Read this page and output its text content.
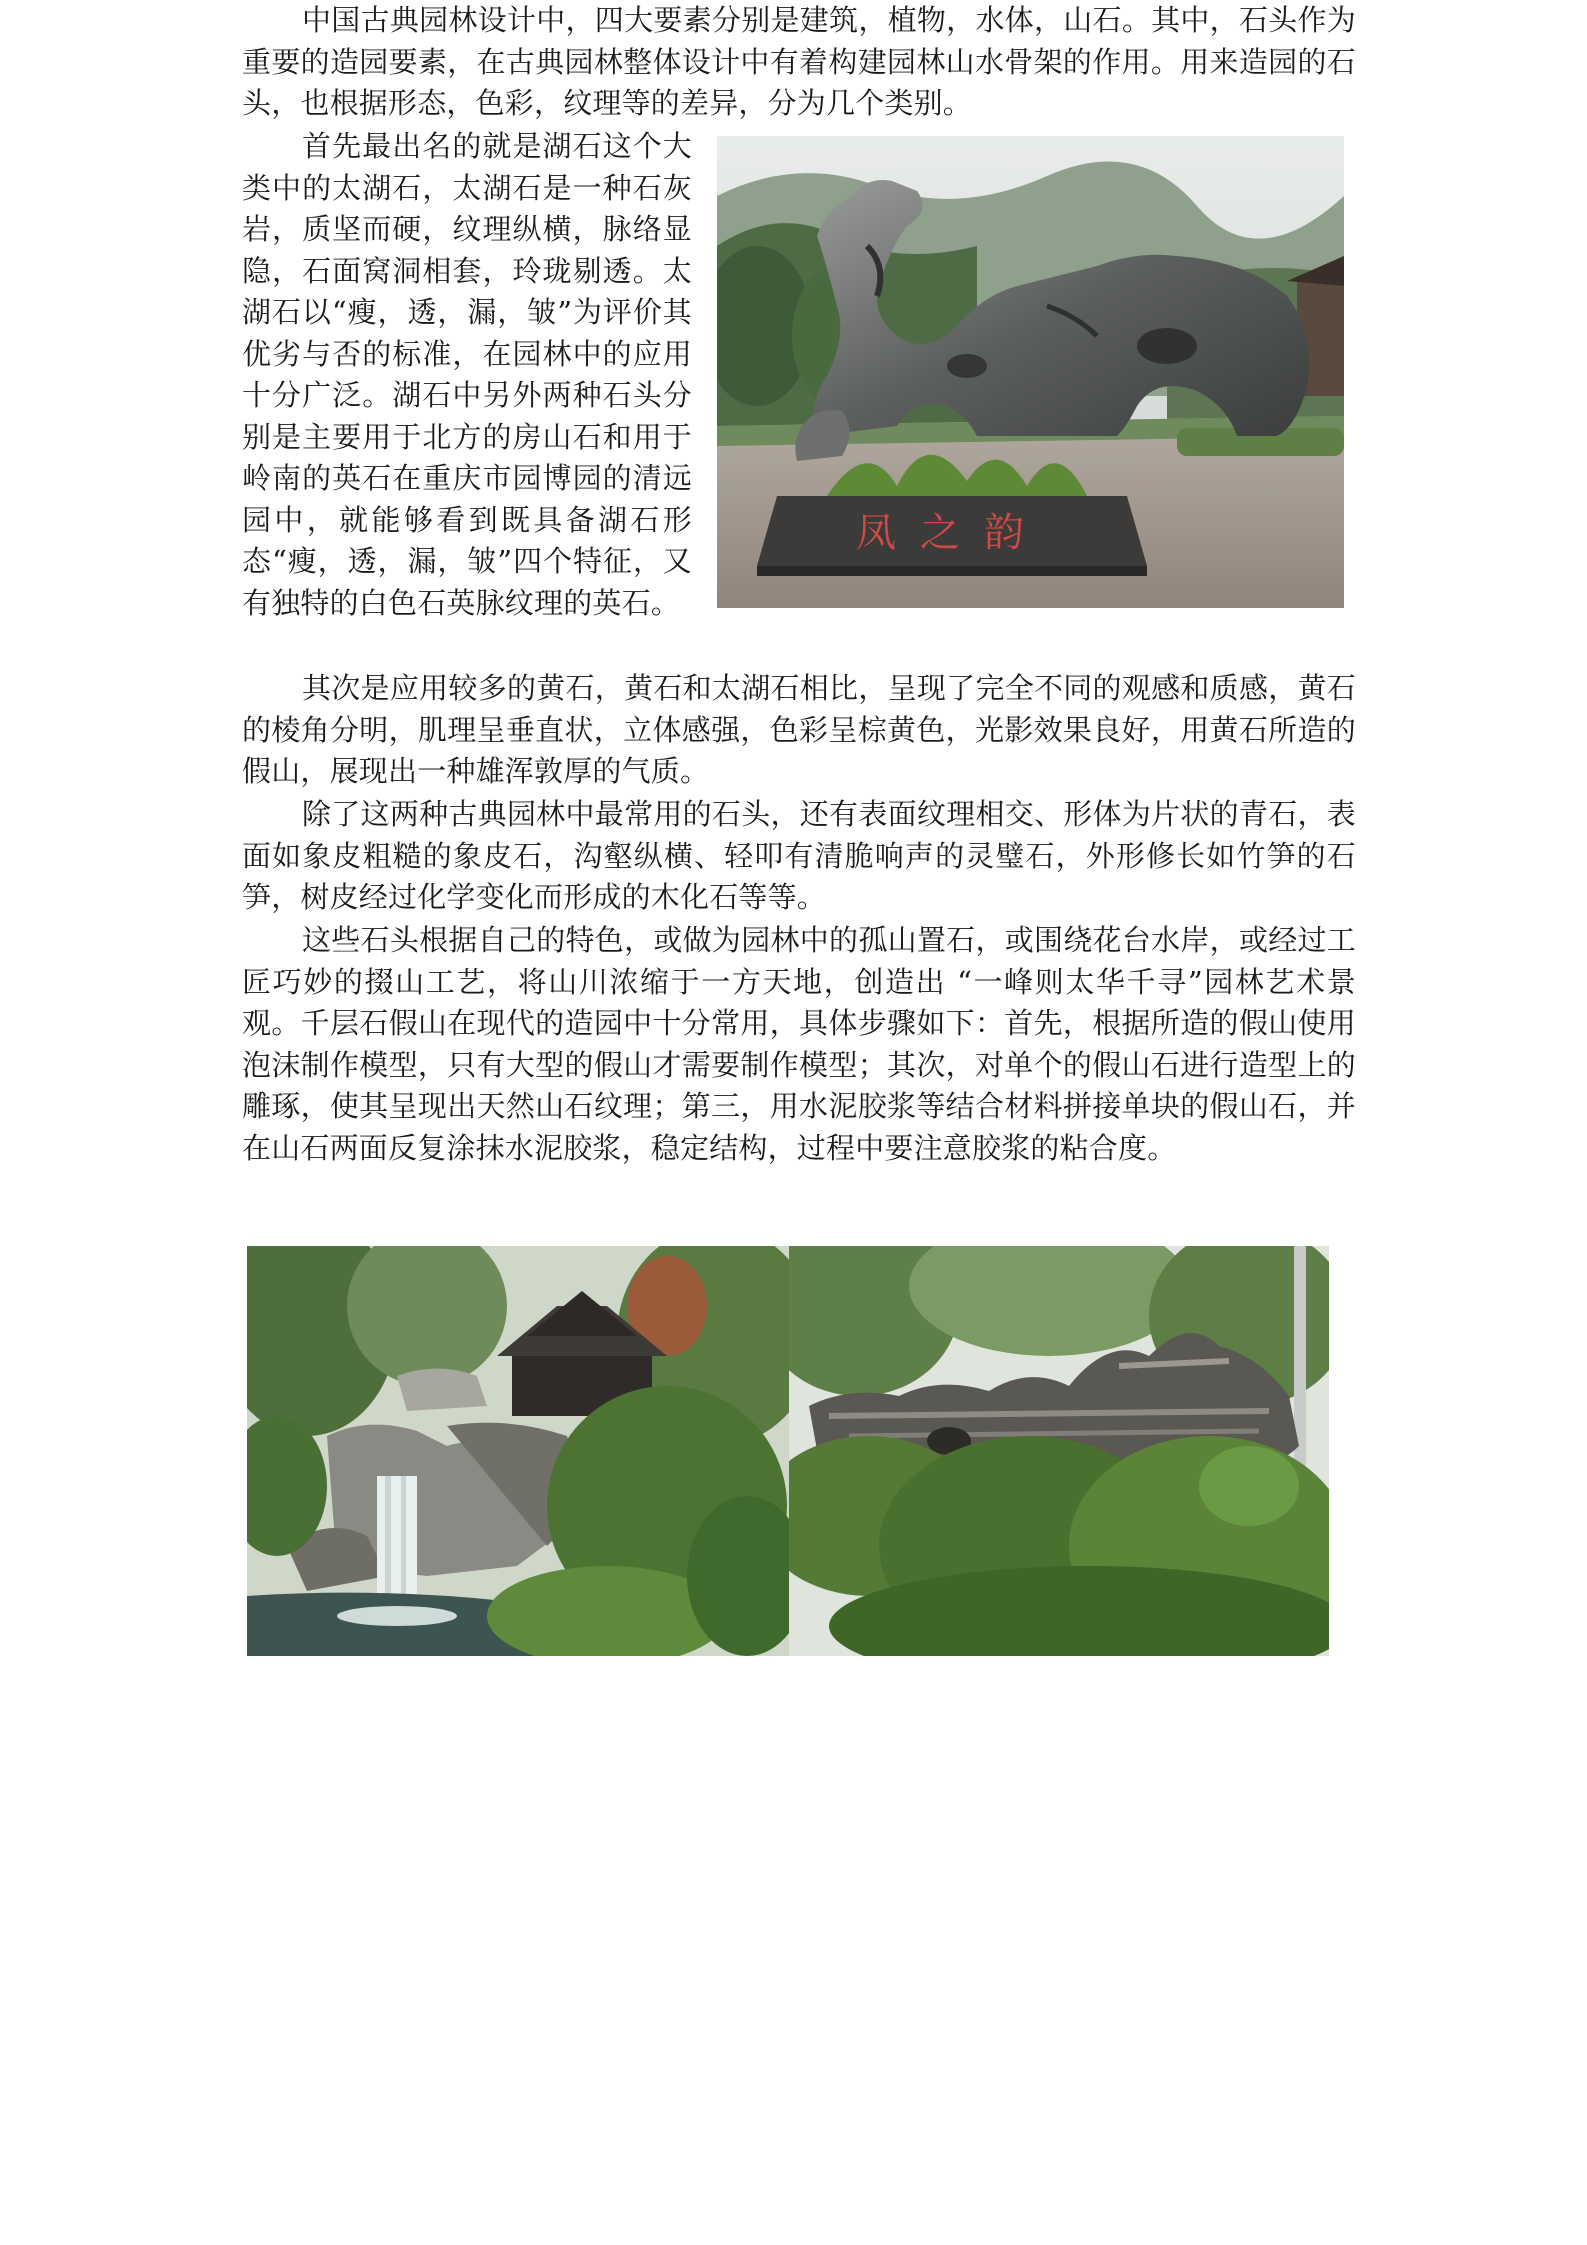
中国古典园林设计中，四大要素分别是建筑，植物，水体，山石。其中，石头作为重要的造园要素，在古典园林整体设计中有着构建园林山水骨架的作用。用来造园的石头，也根据形态，色彩，纹理等的差异，分为几个类别。

首先最出名的就是湖石这个大类中的太湖石，太湖石是一种石灰岩，质坚而硬，纹理纵横，脉络显隐，石面窝洞相套，玲珑剔透。太湖石以“瘦，透，漏，皱”为评价其优劣与否的标准，在园林中的应用十分广泛。湖石中另外两种石头分别是主要用于北方的房山石和用于岭南的英石在重庆市园博园的清远园中，就能够看到既具备湖石形态“瘦，透，漏，皱”四个特征，又有独特的白色石英脉纹理的英石。

凤之韵

其次是应用较多的黄石，黄石和太湖石相比，呈现了完全不同的观感和质感，黄石的棱角分明，肌理呈垂直状，立体感强，色彩呈棕黄色，光影效果良好，用黄石所造的假山，展现出一种雄浑敦厚的气质。

除了这两种古典园林中最常用的石头，还有表面纹理相交、形体为片状的青石，表面如象皮粗糙的象皮石，沟壑纵横、轻叩有清脆响声的灵璧石，外形修长如竹笋的石笋，树皮经过化学变化而形成的木化石等等。

这些石头根据自己的特色，或做为园林中的孤山置石，或围绕花台水岸，或经过工匠巧妙的掇山工艺，将山川浓缩于一方天地，创造出 “一峰则太华千寻”园林艺术景观。千层石假山在现代的造园中十分常用，具体步骤如下：首先，根据所造的假山使用泡沫制作模型，只有大型的假山才需要制作模型；其次，对单个的假山石进行造型上的雕琢，使其呈现出天然山石纹理；第三，用水泥胶浆等结合材料拼接单块的假山石，并在山石两面反复涂抹水泥胶浆，稳定结构，过程中要注意胶浆的粘合度。
